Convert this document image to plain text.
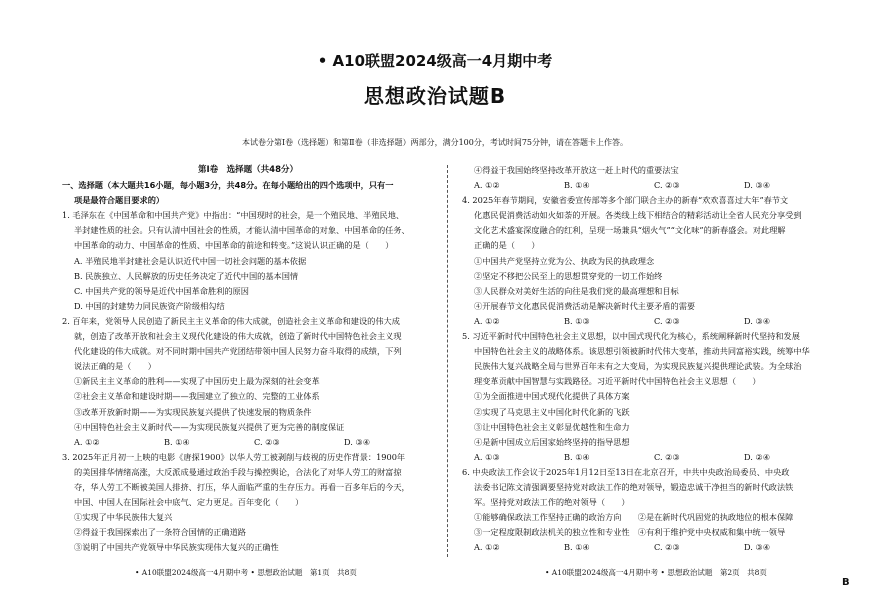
• A10联盟2024级高一4月期中考
思想政治试题B
本试卷分第Ⅰ卷（选择题）和第Ⅱ卷（非选择题）两部分，满分100分，考试时间75分钟，请在答题卡上作答。
第Ⅰ卷　选择题（共48分）
一、选择题（本大题共16小题，每小题3分，共48分。在每小题给出的四个选项中，只有一
项是最符合题目要求的）
1. 毛泽东在《中国革命和中国共产党》中指出：“中国现时的社会，是一个殖民地、半殖民地、
半封建性质的社会。只有认清中国社会的性质，才能认清中国革命的对象、中国革命的任务、
中国革命的动力、中国革命的性质、中国革命的前途和转变。”这说认识正确的是（　　）
A. 半殖民地半封建社会是认识近代中国一切社会问题的基本依据
B. 民族独立、人民解放的历史任务决定了近代中国的基本国情
C. 中国共产党的领导是近代中国革命胜利的原因
D. 中国的封建势力同民族资产阶级相勾结
2. 百年来，党领导人民创造了新民主主义革命的伟大成就，创造社会主义革命和建设的伟大成
就，创造了改革开放和社会主义现代化建设的伟大成就，创造了新时代中国特色社会主义现
代化建设的伟大成就。对不同时期中国共产党团结带领中国人民努力奋斗取得的成绩，下列
说法正确的是（　　）
①新民主主义革命的胜利——实现了中国历史上最为深刻的社会变革
②社会主义革命和建设时期——我国建立了独立的、完整的工业体系
③改革开放新时期——为实现民族复兴提供了快速发展的物质条件
④中国特色社会主义新时代——为实现民族复兴提供了更为完善的制度保证
A. ①②	B. ①④	C. ②③	D. ③④
3. 2025年正月初一上映的电影《唐探1900》以华人劳工被剥削与歧视的历史作背景：1900年
的美国排华情绪高涨，大反派成曼通过政治手段与操控舆论，合法化了对华人劳工的财富掠
夺，华人劳工不断被美国人排挤、打压，华人面临严重的生存压力。再看一百多年后的今天，
中国、中国人在国际社会中底气、定力更足。百年变化（　　）
①实现了中华民族伟大复兴
②得益于我国探索出了一条符合国情的正确道路
③说明了中国共产党领导中华民族实现伟大复兴的正确性
④得益于我国始终坚持改革开放这一赶上时代的重要法宝
A. ①②	B. ①④	C. ②③	D. ③④
4. 2025年春节期间，安徽省委宣传部等多个部门联合主办的新春“欢欢喜喜过大年”春节文
化惠民促消费活动如火如荼的开展。各类线上线下相结合的精彩活动让全省人民充分享受到
文化艺术盛宴深度融合的红利，呈现一场兼具“烟火气”“文化味”的新春盛会。对此理解
正确的是（　　）
①中国共产党坚持立党为公、执政为民的执政理念
②坚定不移把公民至上的思想贯穿党的一切工作始终
③人民群众对美好生活的向往是我们党的最高理想和目标
④开展春节文化惠民促消费活动是解决新时代主要矛盾的需要
A. ①②	B. ①③	C. ②③	D. ③④
5. 习近平新时代中国特色社会主义思想，以中国式现代化为核心，系统阐释新时代坚持和发展
中国特色社会主义的战略体系。该思想引领被新时代伟大变革，推动共同富裕实践，统筹中华
民族伟大复兴战略全局与世界百年未有之大变局，为实现民族复兴提供理论武装。为全球治
理变革贡献中国智慧与实践路径。习近平新时代中国特色社会主义思想（　　）
①为全面推进中国式现代化提供了具体方案
②实现了马克思主义中国化时代化新的飞跃
③让中国特色社会主义彰显优越性和生命力
④是新中国成立后国家始终坚持的指导思想
A. ①③	B. ①④	C. ②③	D. ②④
6. 中央政法工作会议于2025年1月12日至13日在北京召开，中共中央政治局委员、中央政
法委书记陈文清强调要坚持党对政法工作的绝对领导，锻造忠诚干净担当的新时代政法铁
军。坚持党对政法工作的绝对领导（　　）
①能够确保政法工作坚持正确的政治方向　　②是在新时代巩固党的执政地位的根本保障
③一定程度限制政法机关的独立性和专业性　④有利于维护党中央权威和集中统一领导
A. ①②	B. ①④	C. ②③	D. ③④
• A10联盟2024级高一4月期中考 • 思想政治试题　第1页　共8页	• A10联盟2024级高一4月期中考 • 思想政治试题　第2页　共8页
B
